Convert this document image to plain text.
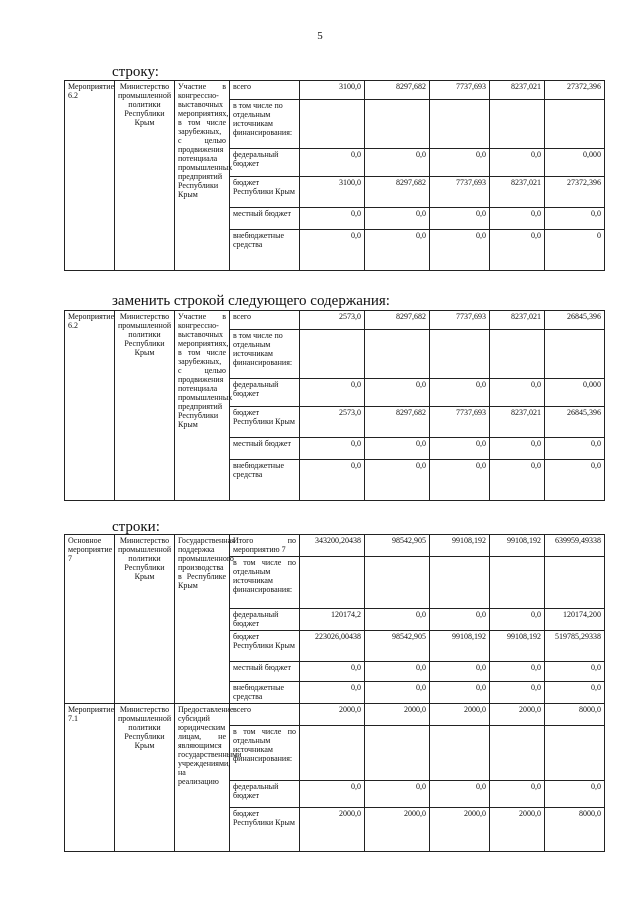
5
строку:
Мероприятие 6.2	Министерство промышленной политики Республики Крым	Участие в конгрессно-выставочных мероприятиях, в том числе зарубежных, с целью продвижения потенциала промышленных предприятий Республики Крым	всего	3100,0	8297,682	7737,693	8237,021	27372,396
			в том числе по отдельным источникам финансирования:					
			федеральный бюджет	0,0	0,0	0,0	0,0	0,000
			бюджет Республики Крым	3100,0	8297,682	7737,693	8237,021	27372,396
			местный бюджет	0,0	0,0	0,0	0,0	0,0
			внебюджетные средства	0,0	0,0	0,0	0,0	0
заменить строкой следующего содержания:
Мероприятие 6.2	Министерство промышленной политики Республики Крым	Участие в конгрессно-выставочных мероприятиях, в том числе зарубежных, с целью продвижения потенциала промышленных предприятий Республики Крым	всего	2573,0	8297,682	7737,693	8237,021	26845,396
			в том числе по отдельным источникам финансирования:					
			федеральный бюджет	0,0	0,0	0,0	0,0	0,000
			бюджет Республики Крым	2573,0	8297,682	7737,693	8237,021	26845,396
			местный бюджет	0,0	0,0	0,0	0,0	0,0
			внебюджетные средства	0,0	0,0	0,0	0,0	0,0
строки:
Основное мероприятие 7	Министерство промышленной политики Республики Крым	Государственная поддержка промышленного производства в Республике Крым	Итого по мероприятию 7	343200,20438	98542,905	99108,192	99108,192	639959,49338
			в том числе по отдельным источникам финансирования:					
			федеральный бюджет	120174,2	0,0	0,0	0,0	120174,200
			бюджет Республики Крым	223026,00438	98542,905	99108,192	99108,192	519785,29338
			местный бюджет	0,0	0,0	0,0	0,0	0,0
			внебюджетные средства	0,0	0,0	0,0	0,0	0,0
Мероприятие 7.1	Министерство промышленной политики Республики Крым	Предоставление субсидий юридическим лицам, не являющимся государственными учреждениями, на реализацию	всего	2000,0	2000,0	2000,0	2000,0	8000,0
			в том числе по отдельным источникам финансирования:					
			федеральный бюджет	0,0	0,0	0,0	0,0	0,0
			бюджет Республики Крым	2000,0	2000,0	2000,0	2000,0	8000,0
